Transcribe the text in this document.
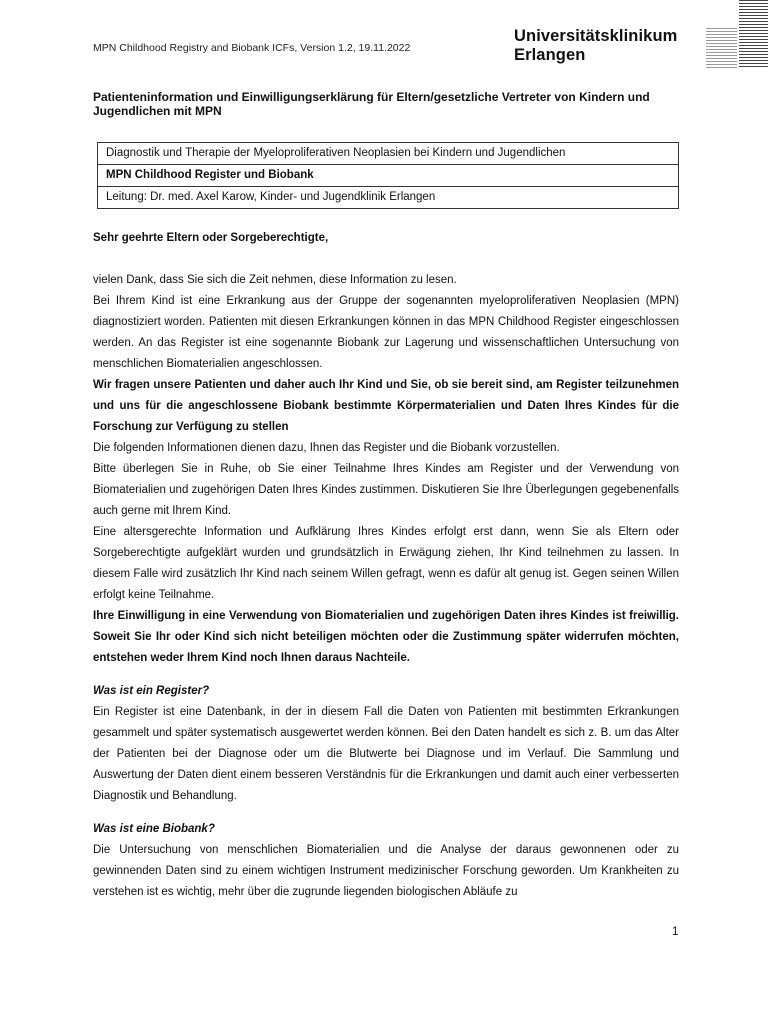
MPN Childhood Registry and Biobank ICFs, Version 1.2, 19.11.2022
Universitätsklinikum
Erlangen
Patienteninformation und Einwilligungserklärung für Eltern/gesetzliche Vertreter von Kindern und Jugendlichen mit MPN
Diagnostik und Therapie der Myeloproliferativen Neoplasien bei Kindern und Jugendlichen
MPN Childhood Register und Biobank
Leitung: Dr. med. Axel Karow, Kinder- und Jugendklinik Erlangen
Sehr geehrte Eltern oder Sorgeberechtigte,

vielen Dank, dass Sie sich die Zeit nehmen, diese Information zu lesen.

Bei Ihrem Kind ist eine Erkrankung aus der Gruppe der sogenannten myeloproliferativen Neoplasien (MPN) diagnostiziert worden. Patienten mit diesen Erkrankungen können in das MPN Childhood Register eingeschlossen werden. An das Register ist eine sogenannte Biobank zur Lagerung und wissenschaftlichen Untersuchung von menschlichen Biomaterialien angeschlossen.

Wir fragen unsere Patienten und daher auch Ihr Kind und Sie, ob sie bereit sind, am Register teilzunehmen und uns für die angeschlossene Biobank bestimmte Körpermaterialien und Daten Ihres Kindes für die Forschung zur Verfügung zu stellen

Die folgenden Informationen dienen dazu, Ihnen das Register und die Biobank vorzustellen.

Bitte überlegen Sie in Ruhe, ob Sie einer Teilnahme Ihres Kindes am Register und der Verwendung von Biomaterialien und zugehörigen Daten Ihres Kindes zustimmen. Diskutieren Sie Ihre Überlegungen gegebenenfalls auch gerne mit Ihrem Kind.

Eine altersgerechte Information und Aufklärung Ihres Kindes erfolgt erst dann, wenn Sie als Eltern oder Sorgeberechtigte aufgeklärt wurden und grundsätzlich in Erwägung ziehen, Ihr Kind teilnehmen zu lassen. In diesem Falle wird zusätzlich Ihr Kind nach seinem Willen gefragt, wenn es dafür alt genug ist. Gegen seinen Willen erfolgt keine Teilnahme.

Ihre Einwilligung in eine Verwendung von Biomaterialien und zugehörigen Daten ihres Kindes ist freiwillig. Soweit Sie Ihr oder Kind sich nicht beteiligen möchten oder die Zustimmung später widerrufen möchten, entstehen weder Ihrem Kind noch Ihnen daraus Nachteile.

Was ist ein Register?

Ein Register ist eine Datenbank, in der in diesem Fall die Daten von Patienten mit bestimmten Erkrankungen gesammelt und später systematisch ausgewertet werden können. Bei den Daten handelt es sich z. B. um das Alter der Patienten bei der Diagnose oder um die Blutwerte bei Diagnose und im Verlauf. Die Sammlung und Auswertung der Daten dient einem besseren Verständnis für die Erkrankungen und damit auch einer verbesserten Diagnostik und Behandlung.

Was ist eine Biobank?

Die Untersuchung von menschlichen Biomaterialien und die Analyse der daraus gewonnenen oder zu gewinnenden Daten sind zu einem wichtigen Instrument medizinischer Forschung geworden. Um Krankheiten zu verstehen ist es wichtig, mehr über die zugrunde liegenden biologischen Abläufe zu

1
